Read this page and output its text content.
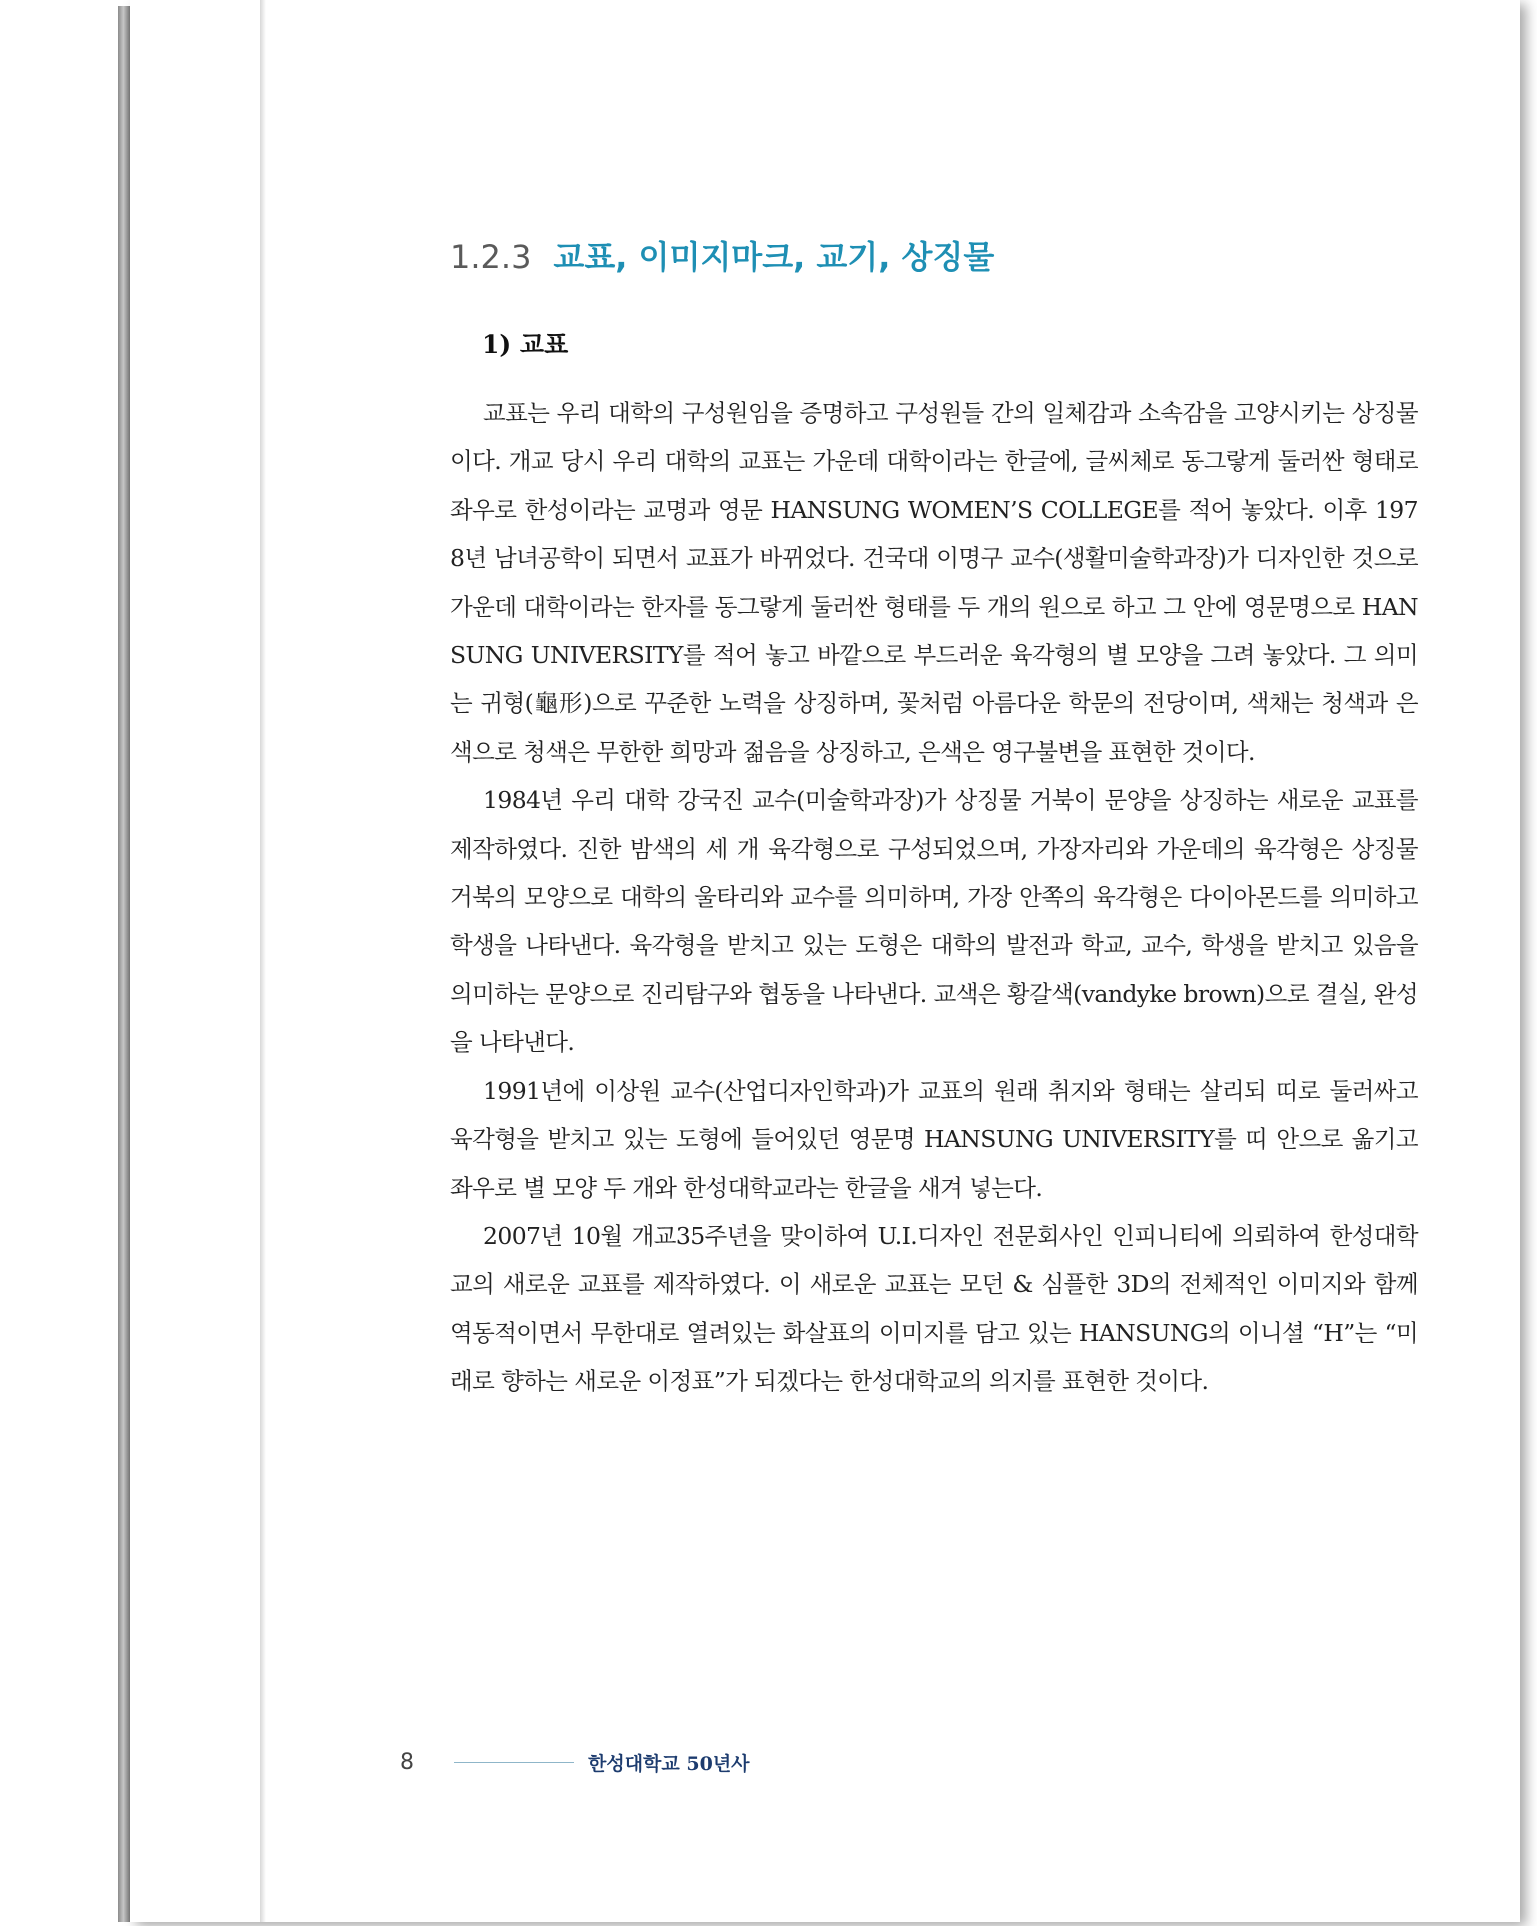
1.2.3 교표, 이미지마크, 교기, 상징물
1) 교표

교표는 우리 대학의 구성원임을 증명하고 구성원들 간의 일체감과 소속감을 고양시키는 상징물이다. 개교 당시 우리 대학의 교표는 가운데 대학이라는 한글에, 글씨체로 동그랗게 둘러싼 형태로 좌우로 한성이라는 교명과 영문 HANSUNG WOMEN’S COLLEGE를 적어 놓았다. 이후 1978년 남녀공학이 되면서 교표가 바뀌었다. 건국대 이명구 교수(생활미술학과장)가 디자인한 것으로 가운데 대학이라는 한자를 동그랗게 둘러싼 형태를 두 개의 원으로 하고 그 안에 영문명으로 HANSUNG UNIVERSITY를 적어 놓고 바깥으로 부드러운 육각형의 별 모양을 그려 놓았다. 그 의미는 귀형(龜形)으로 꾸준한 노력을 상징하며, 꽃처럼 아름다운 학문의 전당이며, 색채는 청색과 은색으로 청색은 무한한 희망과 젊음을 상징하고, 은색은 영구불변을 표현한 것이다.

1984년 우리 대학 강국진 교수(미술학과장)가 상징물 거북이 문양을 상징하는 새로운 교표를 제작하였다. 진한 밤색의 세 개 육각형으로 구성되었으며, 가장자리와 가운데의 육각형은 상징물 거북의 모양으로 대학의 울타리와 교수를 의미하며, 가장 안쪽의 육각형은 다이아몬드를 의미하고 학생을 나타낸다. 육각형을 받치고 있는 도형은 대학의 발전과 학교, 교수, 학생을 받치고 있음을 의미하는 문양으로 진리탐구와 협동을 나타낸다. 교색은 황갈색(vandyke brown)으로 결실, 완성을 나타낸다.

1991년에 이상원 교수(산업디자인학과)가 교표의 원래 취지와 형태는 살리되 띠로 둘러싸고 육각형을 받치고 있는 도형에 들어있던 영문명 HANSUNG UNIVERSITY를 띠 안으로 옮기고 좌우로 별 모양 두 개와 한성대학교라는 한글을 새겨 넣는다.

2007년 10월 개교35주년을 맞이하여 U.I.디자인 전문회사인 인피니티에 의뢰하여 한성대학교의 새로운 교표를 제작하였다. 이 새로운 교표는 모던 & 심플한 3D의 전체적인 이미지와 함께 역동적이면서 무한대로 열려있는 화살표의 이미지를 담고 있는 HANSUNG의 이니셜 “H”는 “미래로 향하는 새로운 이정표”가 되겠다는 한성대학교의 의지를 표현한 것이다.

8	한성대학교 50년사
